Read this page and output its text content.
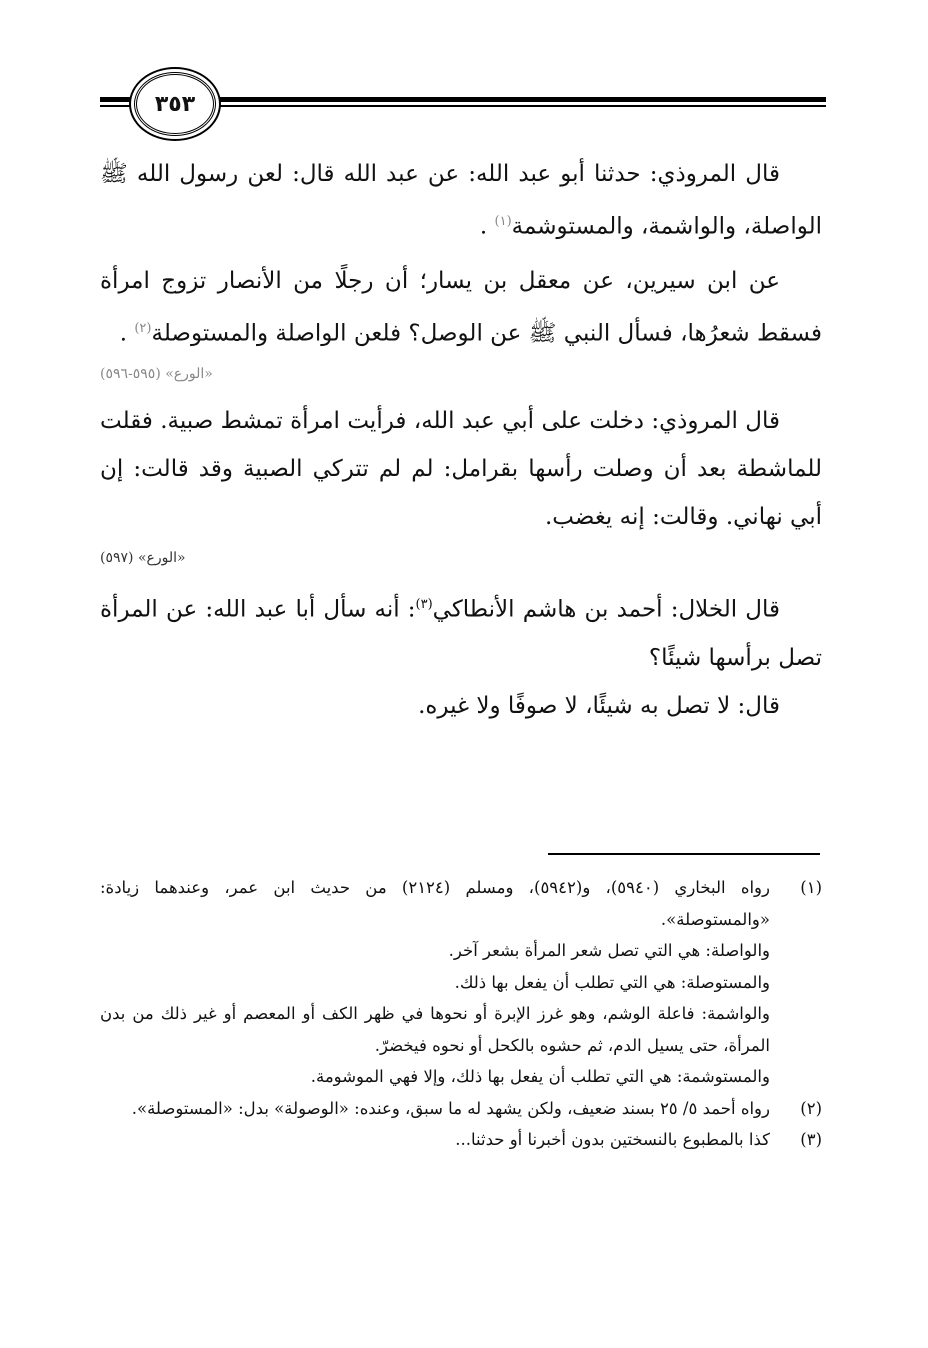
٣٥٣

قال المروذي: حدثنا أبو عبد الله: عن عبد الله قال: لعن رسول الله ﷺ الواصلة، والواشمة، والمستوشمة$^{(١)}$ .

عن ابن سيرين، عن معقل بن يسار؛ أن رجلًا من الأنصار تزوج امرأة فسقط شعرُها، فسأل النبي ﷺ عن الوصل؟ فلعن الواصلة والمستوصلة$^{(٢)}$ .

«الورع» (٥٩٥-٥٩٦)

قال المروذي: دخلت على أبي عبد الله، فرأيت امرأة تمشط صبية. فقلت للماشطة بعد أن وصلت رأسها بقرامل: لم لم تتركي الصبية وقد قالت: إن أبي نهاني. وقالت: إنه يغضب.

«الورع» (٥٩٧)

قال الخلال: أحمد بن هاشم الأنطاكي$^{(٣)}$: أنه سأل أبا عبد الله: عن المرأة تصل برأسها شيئًا؟

قال: لا تصل به شيئًا، لا صوفًا ولا غيره.

(١)
رواه البخاري (٥٩٤٠)، و(٥٩٤٢)، ومسلم (٢١٢٤) من حديث ابن عمر، وعندهما زيادة: «والمستوصلة».

والواصلة: هي التي تصل شعر المرأة بشعر آخر.

والمستوصلة: هي التي تطلب أن يفعل بها ذلك.

والواشمة: فاعلة الوشم، وهو غرز الإبرة أو نحوها في ظهر الكف أو المعصم أو غير ذلك من بدن المرأة، حتى يسيل الدم، ثم حشوه بالكحل أو نحوه فيخضرّ.

والمستوشمة: هي التي تطلب أن يفعل بها ذلك، وإلا فهي الموشومة.

(٢)
رواه أحمد ٥/ ٢٥ بسند ضعيف، ولكن يشهد له ما سبق، وعنده: «الوصولة» بدل: «المستوصلة».
(٣)
كذا بالمطبوع بالنسختين بدون أخبرنا أو حدثنا...
